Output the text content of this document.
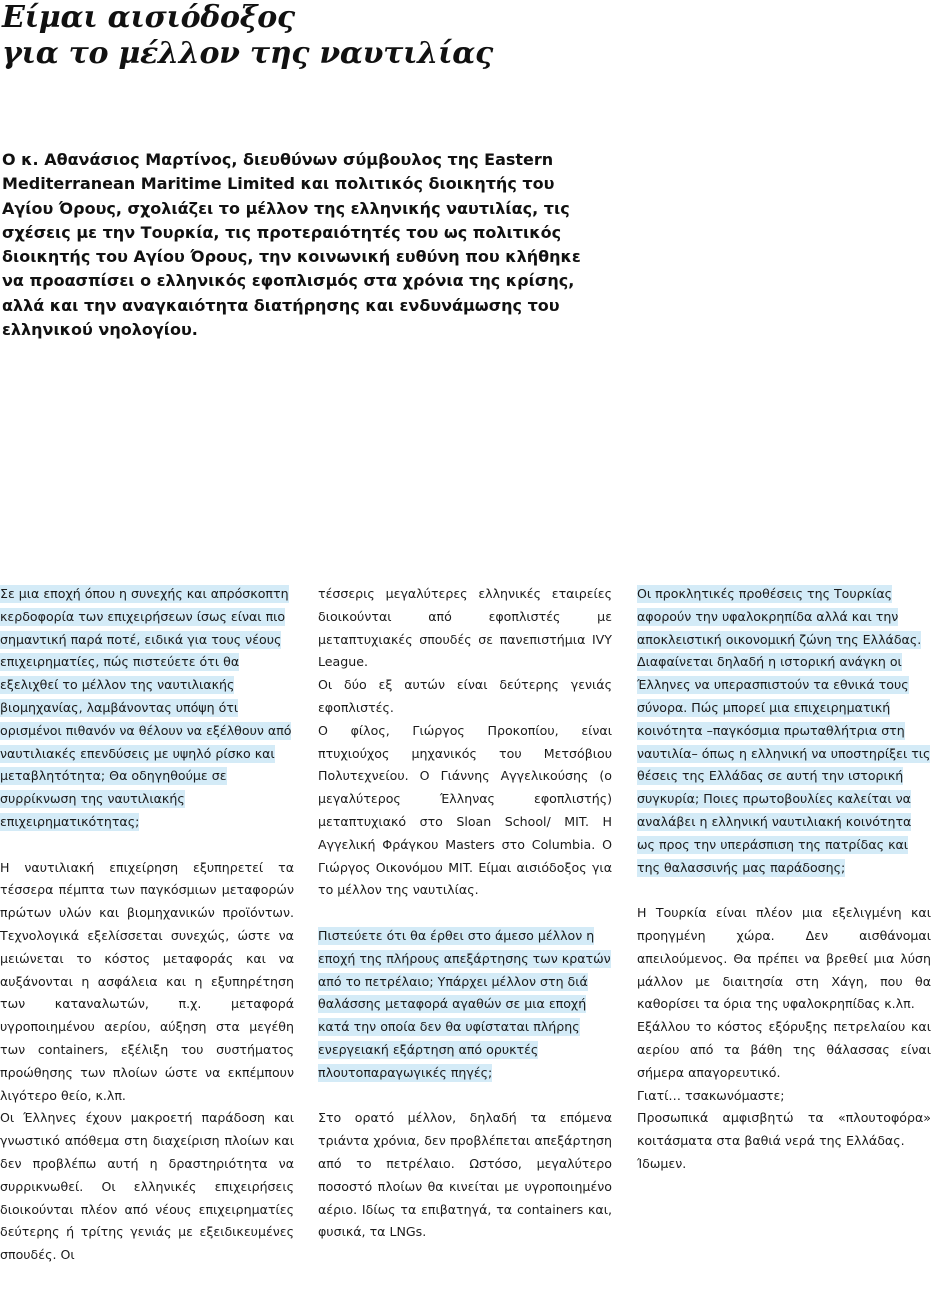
Είμαι αισιόδοξος
για το μέλλον της ναυτιλίας

Ο κ. Αθανάσιος Μαρτίνος, διευθύνων σύμβουλος της Eastern Mediterranean Maritime Limited και πολιτικός διοικητής του Αγίου Όρους, σχολιάζει το μέλλον της ελληνικής ναυτιλίας, τις σχέσεις με την Τουρκία, τις προτεραιότητές του ως πολιτικός διοικητής του Αγίου Όρους, την κοινωνική ευθύνη που κλήθηκε να προασπίσει ο ελληνικός εφοπλισμός στα χρόνια της κρίσης, αλλά και την αναγκαιότητα διατήρησης και ενδυνάμωσης του ελληνικού νηολογίου.

Σε μια εποχή όπου η συνεχής και απρόσκοπτη κερδοφορία των επιχειρήσεων ίσως είναι πιο σημαντική παρά ποτέ, ειδικά για τους νέους επιχειρηματίες, πώς πιστεύετε ότι θα εξελιχθεί το μέλλον της ναυτιλιακής βιομηχανίας, λαμβάνοντας υπόψη ότι ορισμένοι πιθανόν να θέλουν να εξέλθουν από ναυτιλιακές επενδύσεις με υψηλό ρίσκο και μεταβλητότητα; Θα οδηγηθούμε σε συρρίκνωση της ναυτιλιακής επιχειρηματικότητας;

Η ναυτιλιακή επιχείρηση εξυπηρετεί τα τέσσερα πέμπτα των παγκόσμιων μεταφορών πρώτων υλών και βιομηχανικών προϊόντων. Τεχνολογικά εξελίσσεται συνεχώς, ώστε να μειώνεται το κόστος μεταφοράς και να αυξάνονται η ασφάλεια και η εξυπηρέτηση των καταναλωτών, π.χ. μεταφορά υγροποιημένου αερίου, αύξηση στα μεγέθη των containers, εξέλιξη του συστήματος προώθησης των πλοίων ώστε να εκπέμπουν λιγότερο θείο, κ.λπ.

Οι Έλληνες έχουν μακροετή παράδοση και γνωστικό απόθεμα στη διαχείριση πλοίων και δεν προβλέπω αυτή η δραστηριότητα να συρρικνωθεί. Οι ελληνικές επιχειρήσεις διοικούνται πλέον από νέους επιχειρηματίες δεύτερης ή τρίτης γενιάς με εξειδικευμένες σπουδές. Οι

τέσσερις μεγαλύτερες ελληνικές εταιρείες διοικούνται από εφοπλιστές με μεταπτυχιακές σπουδές σε πανεπιστήμια IVY League.

Οι δύο εξ αυτών είναι δεύτερης γενιάς εφοπλιστές.

Ο φίλος, Γιώργος Προκοπίου, είναι πτυχιούχος μηχανικός του Μετσόβιου Πολυτεχνείου. Ο Γιάννης Αγγελικούσης (ο μεγαλύτερος Έλληνας εφοπλιστής) μεταπτυχιακό στο Sloan School/ MIT. Η Αγγελική Φράγκου Masters στο Columbia. Ο Γιώργος Οικονόμου MIT. Είμαι αισιόδοξος για το μέλλον της ναυτιλίας.

Πιστεύετε ότι θα έρθει στο άμεσο μέλλον η εποχή της πλήρους απεξάρτησης των κρατών από το πετρέλαιο; Υπάρχει μέλλον στη διά θαλάσσης μεταφορά αγαθών σε μια εποχή κατά την οποία δεν θα υφίσταται πλήρης ενεργειακή εξάρτηση από ορυκτές πλουτοπαραγωγικές πηγές;

Στο ορατό μέλλον, δηλαδή τα επόμενα τριάντα χρόνια, δεν προβλέπεται απεξάρτηση από το πετρέλαιο. Ωστόσο, μεγαλύτερο ποσοστό πλοίων θα κινείται με υγροποιημένο αέριο. Ιδίως τα επιβατηγά, τα containers και, φυσικά, τα LNGs.

Οι προκλητικές προθέσεις της Τουρκίας αφορούν την υφαλοκρηπίδα αλλά και την αποκλειστική οικονομική ζώνη της Ελλάδας. Διαφαίνεται δηλαδή η ιστορική ανάγκη οι Έλληνες να υπερασπιστούν τα εθνικά τους σύνορα. Πώς μπορεί μια επιχειρηματική κοινότητα –παγκόσμια πρωταθλήτρια στη ναυτιλία– όπως η ελληνική να υποστηρίξει τις θέσεις της Ελλάδας σε αυτή την ιστορική συγκυρία; Ποιες πρωτοβουλίες καλείται να αναλάβει η ελληνική ναυτιλιακή κοινότητα ως προς την υπεράσπιση της πατρίδας και της θαλασσινής μας παράδοσης;

Η Τουρκία είναι πλέον μια εξελιγμένη και προηγμένη χώρα. Δεν αισθάνομαι απειλούμενος. Θα πρέπει να βρεθεί μια λύση μάλλον με διαιτησία στη Χάγη, που θα καθορίσει τα όρια της υφαλοκρηπίδας κ.λπ.

Εξάλλου το κόστος εξόρυξης πετρελαίου και αερίου από τα βάθη της θάλασσας είναι σήμερα απαγορευτικό.

Γιατί… τσακωνόμαστε;

Προσωπικά αμφισβητώ τα «πλουτοφόρα» κοιτάσματα στα βαθιά νερά της Ελλάδας.

Ίδωμεν.
